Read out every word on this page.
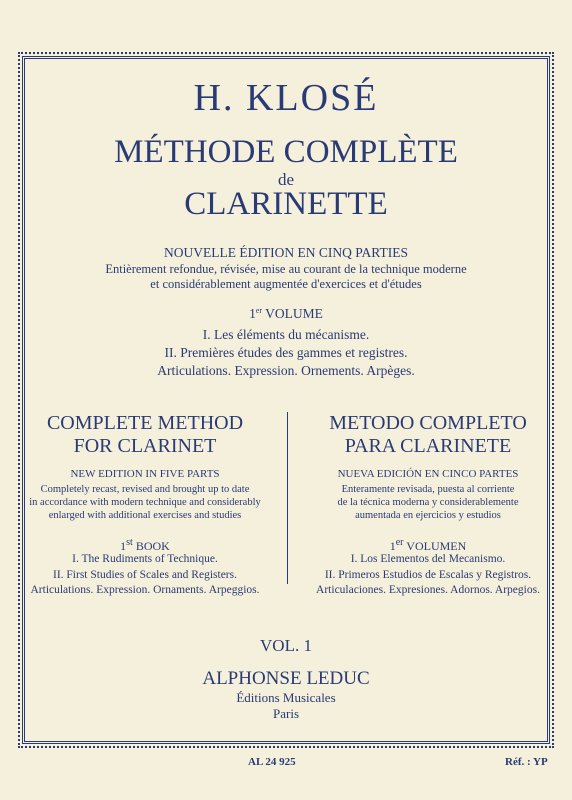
H. KLOSÉ
MÉTHODE COMPLÈTE
de
CLARINETTE
NOUVELLE ÉDITION EN CINQ PARTIES
Entièrement refondue, révisée, mise au courant de la technique moderne
et considérablement augmentée d'exercices et d'études
1er VOLUME
I. Les éléments du mécanisme.
II. Premières études des gammes et registres.
Articulations. Expression. Ornements. Arpèges.
COMPLETE METHOD
FOR CLARINET
NEW EDITION IN FIVE PARTS
Completely recast, revised and brought up to date
in accordance with modern technique and considerably
enlarged with additional exercises and studies
1st BOOK
I. The Rudiments of Technique.
II. First Studies of Scales and Registers.
Articulations. Expression. Ornaments. Arpeggios.
METODO COMPLETO
PARA CLARINETE
NUEVA EDICIÓN EN CINCO PARTES
Enteramente revisada, puesta al corriente
de la técnica moderna y considerablemente
aumentada en ejercicios y estudios
1er VOLUMEN
I. Los Elementos del Mecanismo.
II. Primeros Estudios de Escalas y Registros.
Articulaciones. Expresiones. Adornos. Arpegios.
VOL. 1
ALPHONSE LEDUC
Éditions Musicales
Paris
AL 24 925	Réf. : YP
